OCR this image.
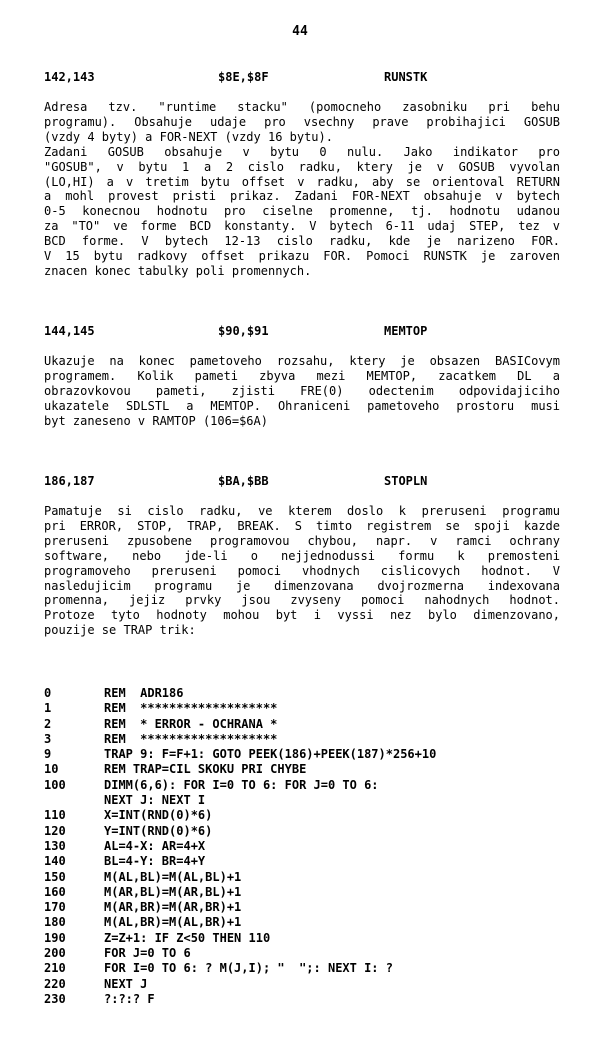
44
142,143	$8E,$8F	RUNSTK
Adresa tzv. "runtime stacku" (pomocneho zasobniku pri behu
programu). Obsahuje udaje pro vsechny prave probihajici GOSUB
(vzdy 4 byty) a FOR-NEXT (vzdy 16 bytu).
Zadani GOSUB obsahuje v bytu 0 nulu. Jako indikator pro
"GOSUB", v bytu 1 a 2 cislo radku, ktery je v GOSUB vyvolan
(LO,HI) a v tretim bytu offset v radku, aby se orientoval RETURN
a mohl provest pristi prikaz. Zadani FOR-NEXT obsahuje v bytech
0-5 konecnou hodnotu pro ciselne promenne, tj. hodnotu udanou
za "TO" ve forme BCD konstanty. V bytech 6-11 udaj STEP, tez v
BCD forme. V bytech 12-13 cislo radku, kde je narizeno FOR.
V 15 bytu radkovy offset prikazu FOR. Pomoci RUNSTK je zaroven
znacen konec tabulky poli promennych.
144,145	$90,$91	MEMTOP
Ukazuje na konec pametoveho rozsahu, ktery je obsazen BASICovym
programem. Kolik pameti zbyva mezi MEMTOP, zacatkem DL a
obrazovkovou pameti, zjisti FRE(0) odectenim odpovidajiciho
ukazatele SDLSTL a MEMTOP. Ohraniceni pametoveho prostoru musi
byt zaneseno v RAMTOP (106=$6A)
186,187	$BA,$BB	STOPLN
Pamatuje si cislo radku, ve kterem doslo k preruseni programu
pri ERROR, STOP, TRAP, BREAK. S timto registrem se spoji kazde
preruseni zpusobene programovou chybou, napr. v ramci ochrany
software, nebo jde-li o nejjednodussi formu k premosteni
programoveho preruseni pomoci vhodnych cislicovych hodnot. V
nasledujicim programu je dimenzovana dvojrozmerna indexovana
promenna, jejiz prvky jsou zvyseny pomoci nahodnych hodnot.
Protoze tyto hodnoty mohou byt i vyssi nez bylo dimenzovano,
pouzije se TRAP trik:
0	REM  ADR186
1	REM  *******************
2	REM  * ERROR - OCHRANA *
3	REM  *******************
9	TRAP 9: F=F+1: GOTO PEEK(186)+PEEK(187)*256+10
10	REM TRAP=CIL SKOKU PRI CHYBE
100	DIMM(6,6): FOR I=0 TO 6: FOR J=0 TO 6:
NEXT J: NEXT I
110	X=INT(RND(0)*6)
120	Y=INT(RND(0)*6)
130	AL=4-X: AR=4+X
140	BL=4-Y: BR=4+Y
150	M(AL,BL)=M(AL,BL)+1
160	M(AR,BL)=M(AR,BL)+1
170	M(AR,BR)=M(AR,BR)+1
180	M(AL,BR)=M(AL,BR)+1
190	Z=Z+1: IF Z<50 THEN 110
200	FOR J=0 TO 6
210	FOR I=0 TO 6: ? M(J,I); "  ";: NEXT I: ?
220	NEXT J
230	?:?:? F
